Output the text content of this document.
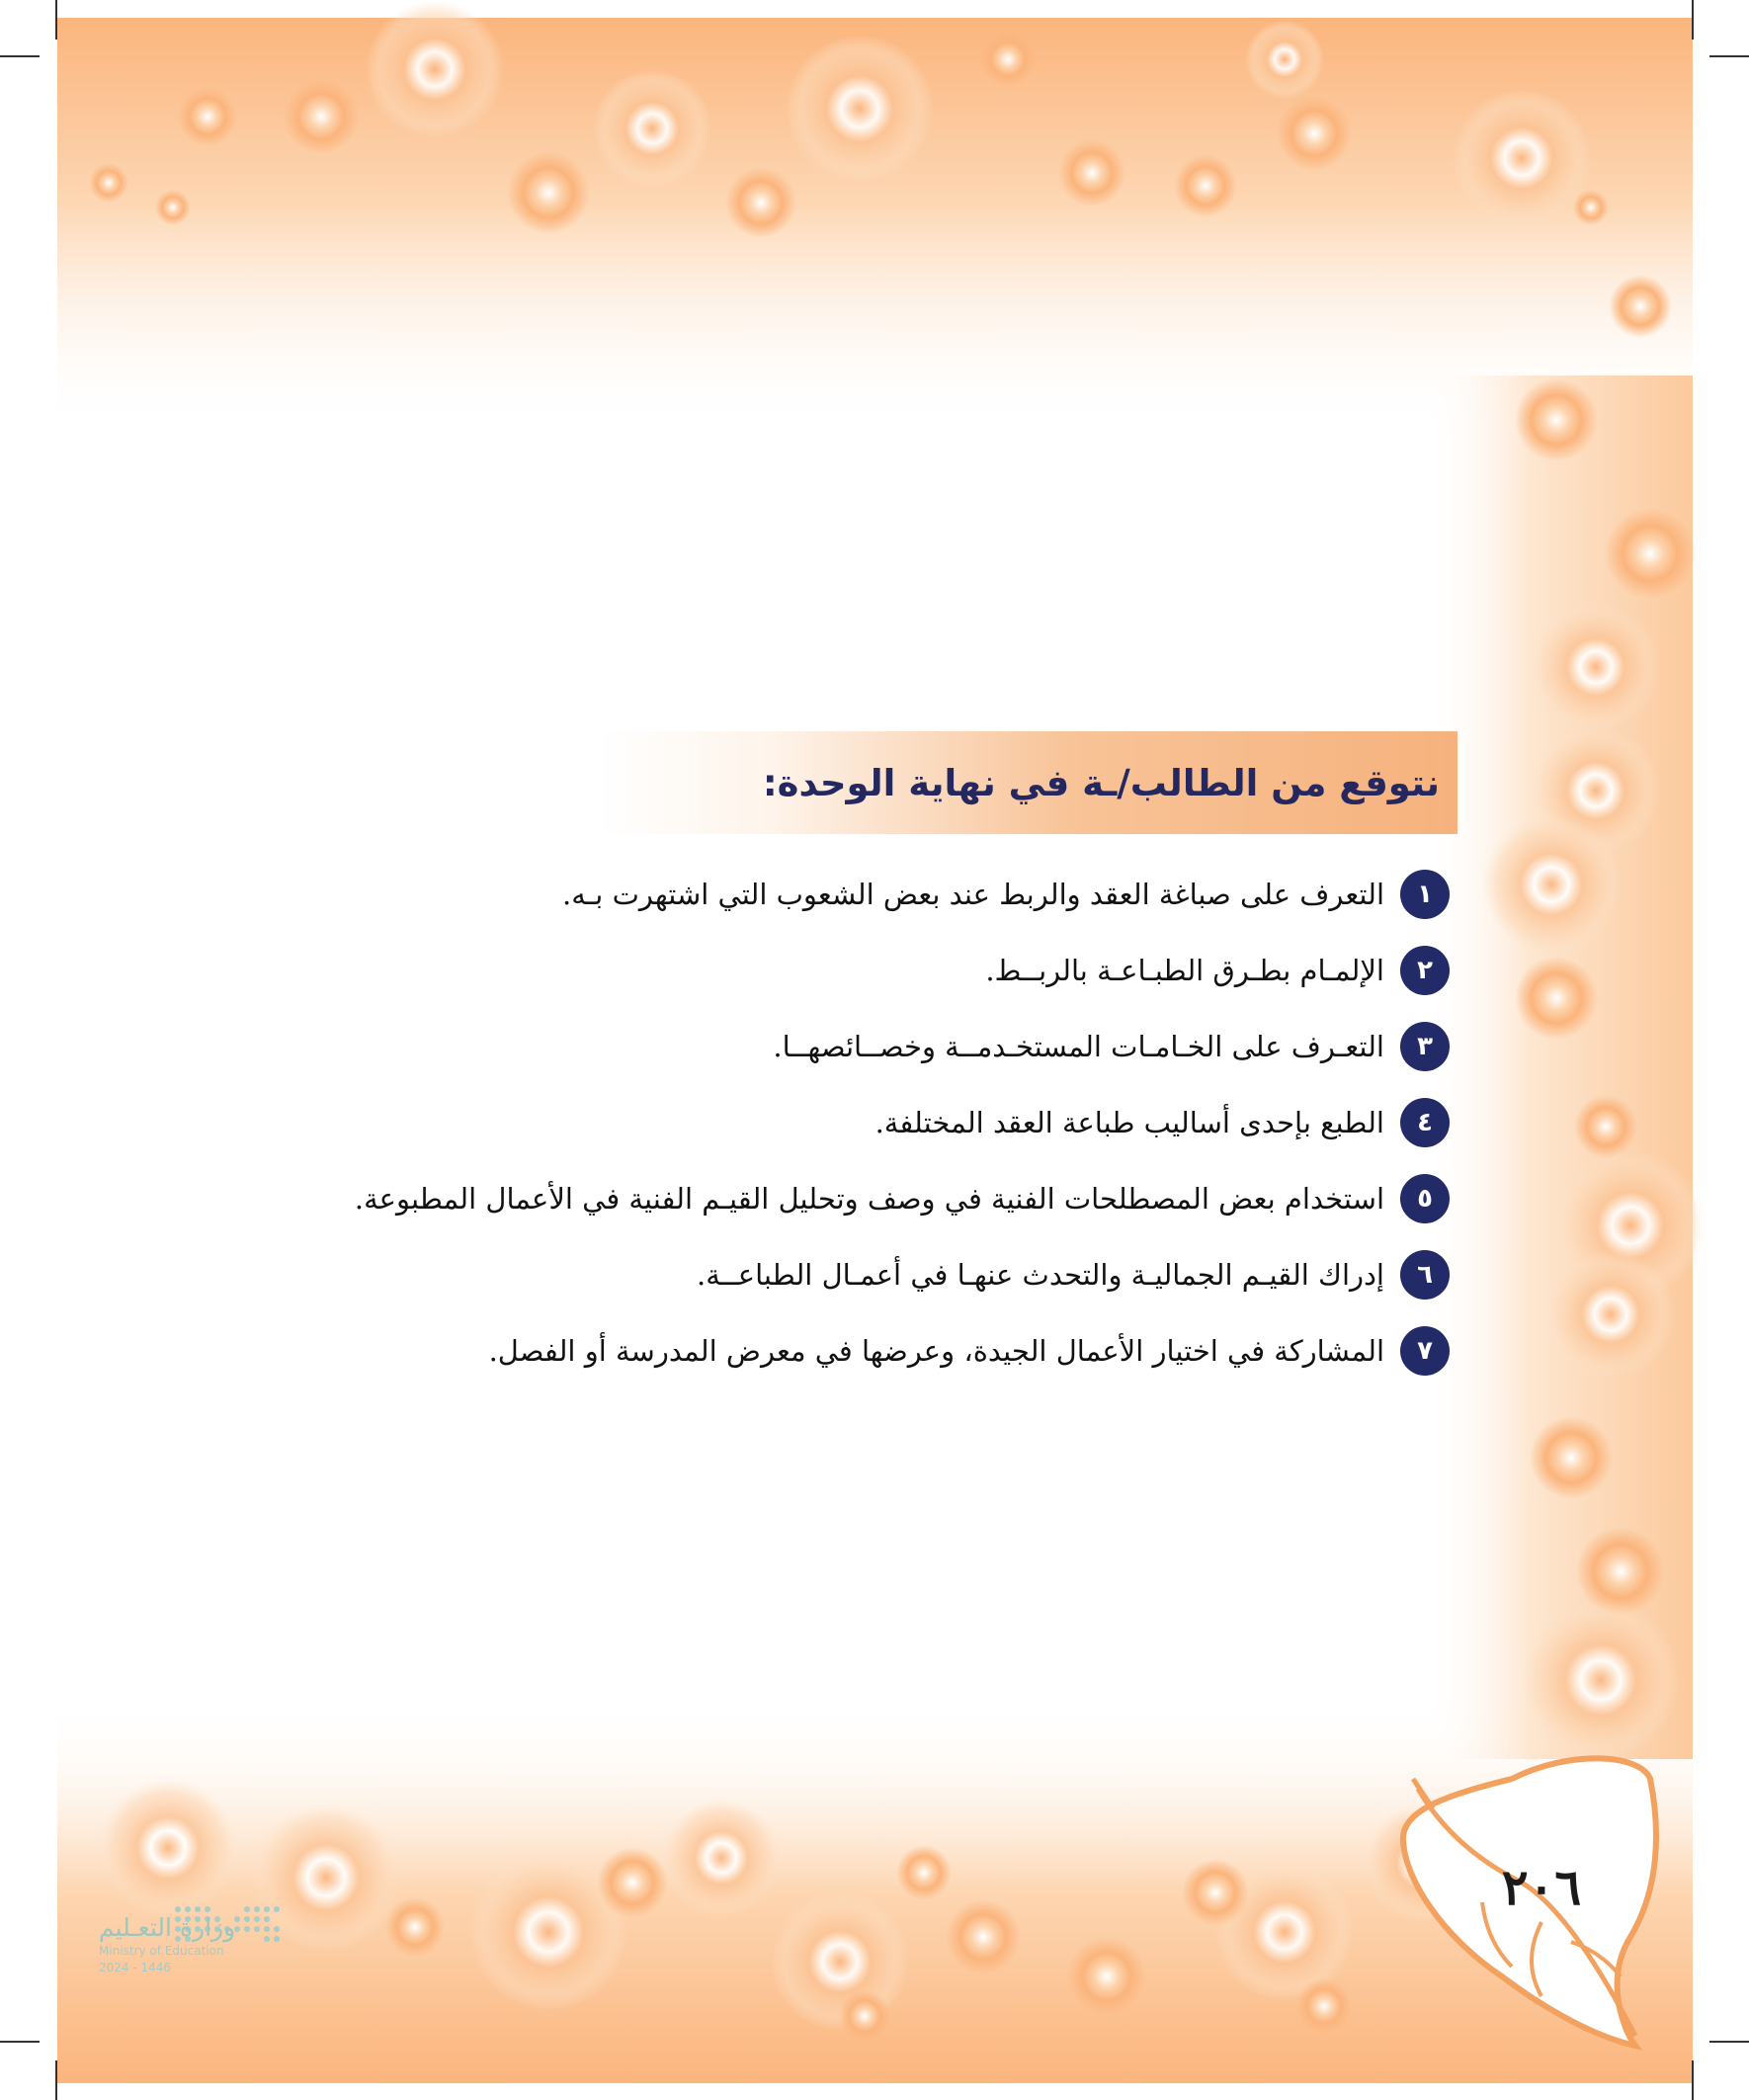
نتوقع من الطالب/ـة في نهاية الوحدة:
١
التعرف على صباغة العقد والربط عند بعض الشعوب التي اشتهرت بـه.
٢
الإلمـام بطـرق الطبـاعـة بالربــط.
٣
التعـرف على الخـامـات المستخـدمــة وخصــائصهــا.
٤
الطبع بإحدى أساليب طباعة العقد المختلفة.
٥
استخدام بعض المصطلحات الفنية في وصف وتحليل القيـم الفنية في الأعمال المطبوعة.
٦
إدراك القيـم الجماليـة والتحدث عنهـا في أعمـال الطباعــة.
٧
المشاركة في اختيار الأعمال الجيدة، وعرضها في معرض المدرسة أو الفصل.
٢٠٦
وزارة التعـليم
Ministry of Education
2024 - 1446
